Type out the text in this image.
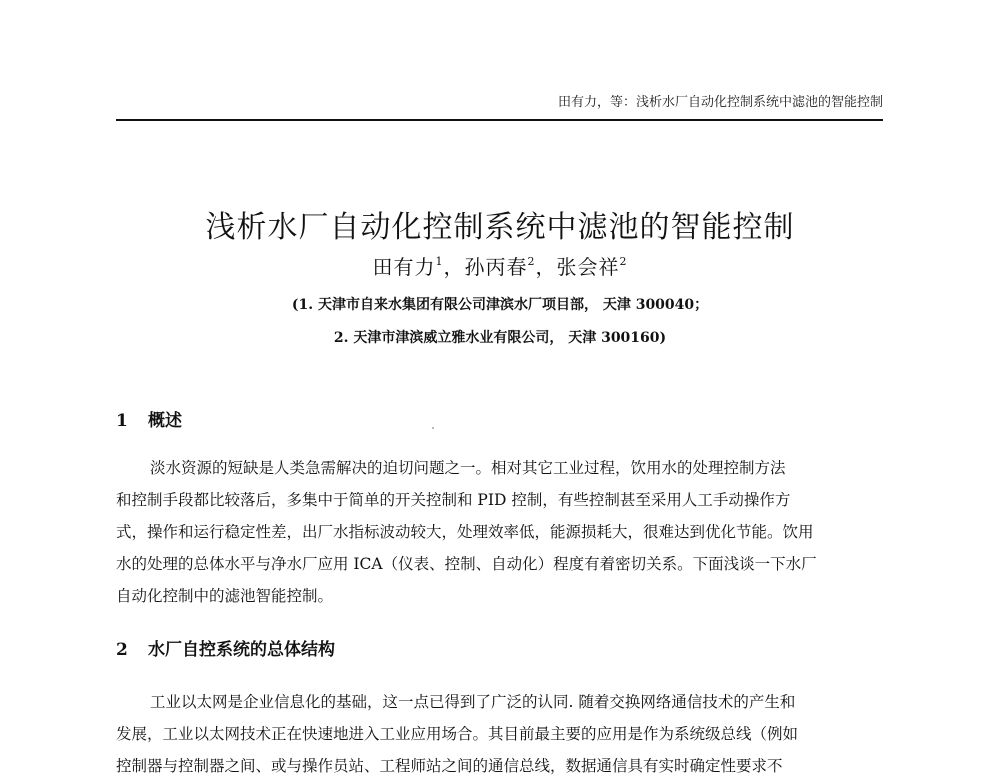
田有力，等：浅析水厂自动化控制系统中滤池的智能控制
浅析水厂自动化控制系统中滤池的智能控制
田有力$^1$，孙丙春$^2$，张会祥$^2$
(1. 天津市自来水集团有限公司津滨水厂项目部， 天津 300040；
2. 天津市津滨威立雅水业有限公司， 天津 300160)
1 概述
淡水资源的短缺是人类急需解决的迫切问题之一。相对其它工业过程，饮用水的处理控制方法
和控制手段都比较落后，多集中于简单的开关控制和 PID 控制，有些控制甚至采用人工手动操作方
式，操作和运行稳定性差，出厂水指标波动较大，处理效率低，能源损耗大，很难达到优化节能。饮用
水的处理的总体水平与净水厂应用 ICA（仪表、控制、自动化）程度有着密切关系。下面浅谈一下水厂
自动化控制中的滤池智能控制。
2 水厂自控系统的总体结构
工业以太网是企业信息化的基础，这一点已得到了广泛的认同. 随着交换网络通信技术的产生和
发展，工业以太网技术正在快速地进入工业应用场合。其目前最主要的应用是作为系统级总线（例如
控制器与控制器之间、或与操作员站、工程师站之间的通信总线，数据通信具有实时确定性要求不
